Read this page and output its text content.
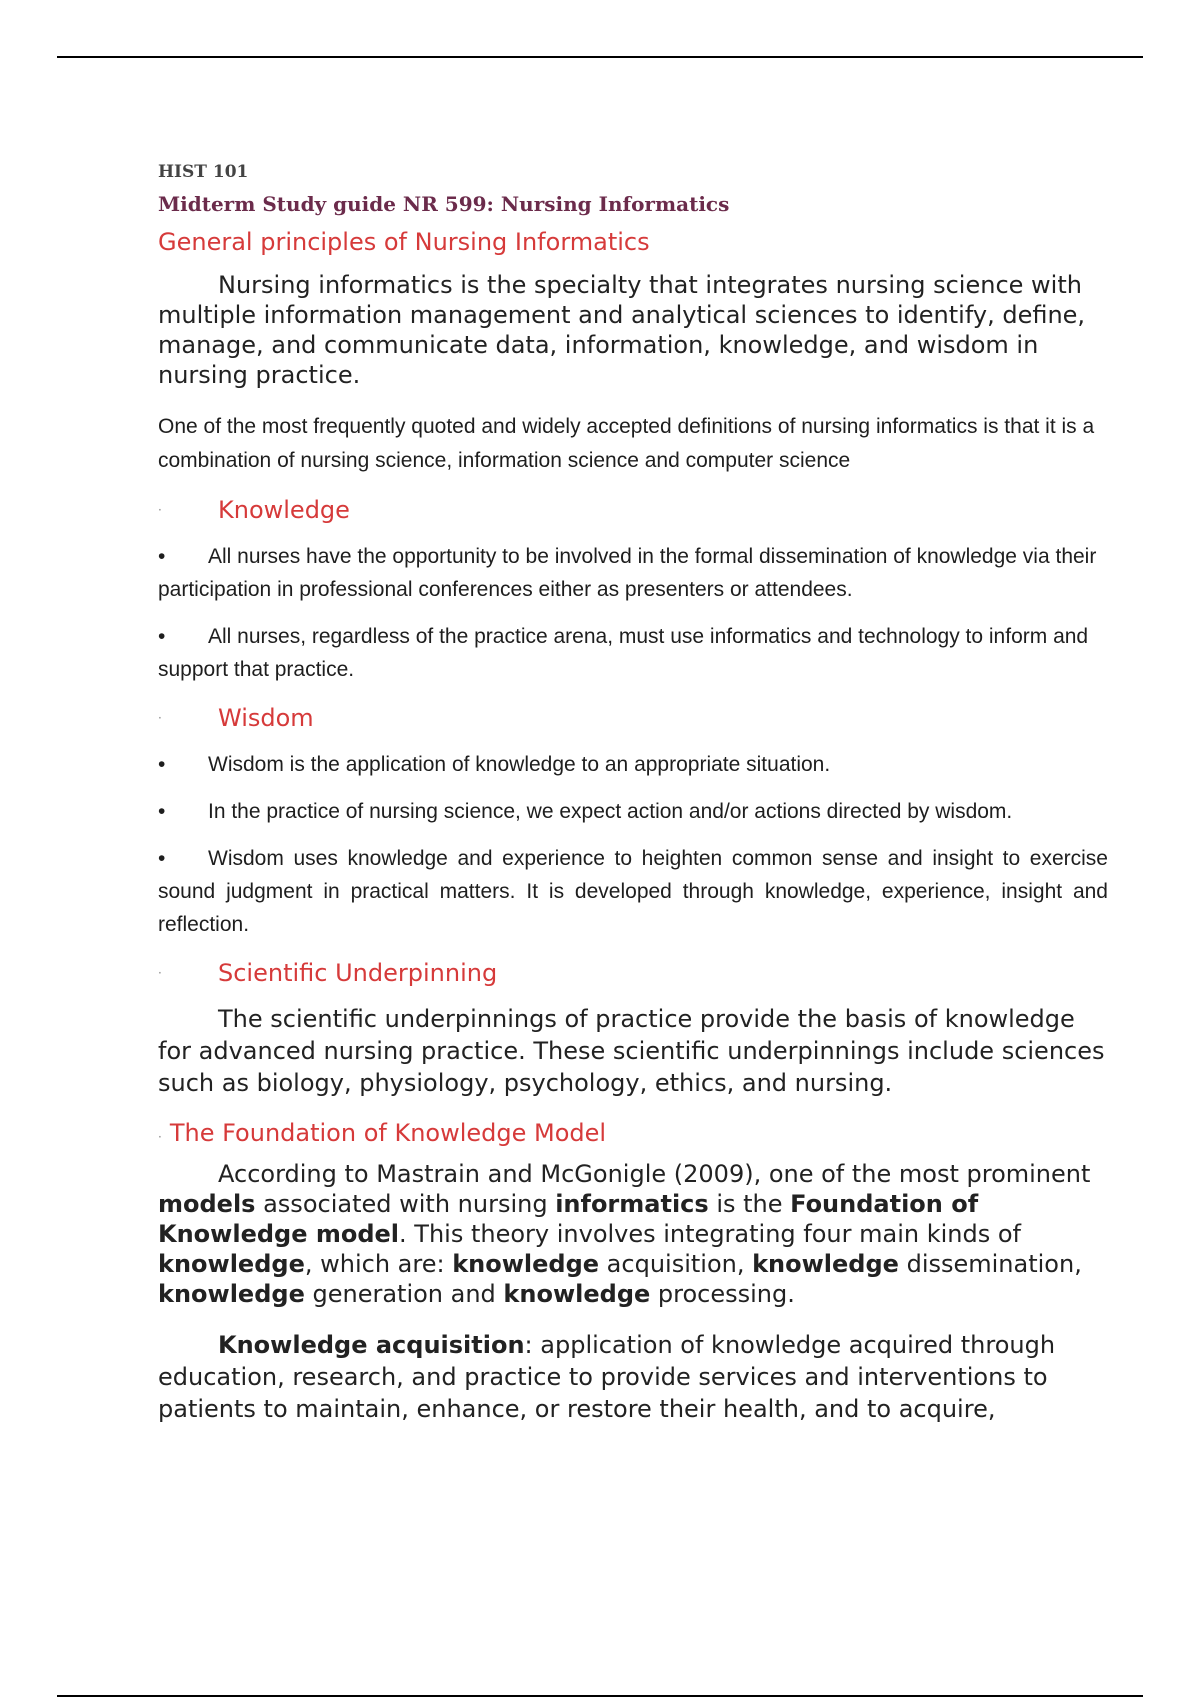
HIST 101
Midterm Study guide NR 599: Nursing Informatics
General principles of Nursing Informatics

Nursing informatics is the specialty that integrates nursing science with multiple information management and analytical sciences to identify, define, manage, and communicate data, information, knowledge, and wisdom in nursing practice.

One of the most frequently quoted and widely accepted definitions of nursing informatics is that it is a combination of nursing science, information science and computer science

·	Knowledge

• All nurses have the opportunity to be involved in the formal dissemination of knowledge via their participation in professional conferences either as presenters or attendees.

• All nurses, regardless of the practice arena, must use informatics and technology to inform and support that practice.

·	Wisdom

• Wisdom is the application of knowledge to an appropriate situation.

• In the practice of nursing science, we expect action and/or actions directed by wisdom.

• Wisdom uses knowledge and experience to heighten common sense and insight to exercise sound judgment in practical matters. It is developed through knowledge, experience, insight and reflection.

·	Scientific Underpinning

The scientific underpinnings of practice provide the basis of knowledge for advanced nursing practice. These scientific underpinnings include sciences such as biology, physiology, psychology, ethics, and nursing.

· The Foundation of Knowledge Model

According to Mastrain and McGonigle (2009), one of the most prominent models associated with nursing informatics is the Foundation of Knowledge model. This theory involves integrating four main kinds of knowledge, which are: knowledge acquisition, knowledge dissemination, knowledge generation and knowledge processing.

Knowledge acquisition: application of knowledge acquired through education, research, and practice to provide services and interventions to patients to maintain, enhance, or restore their health, and to acquire,
